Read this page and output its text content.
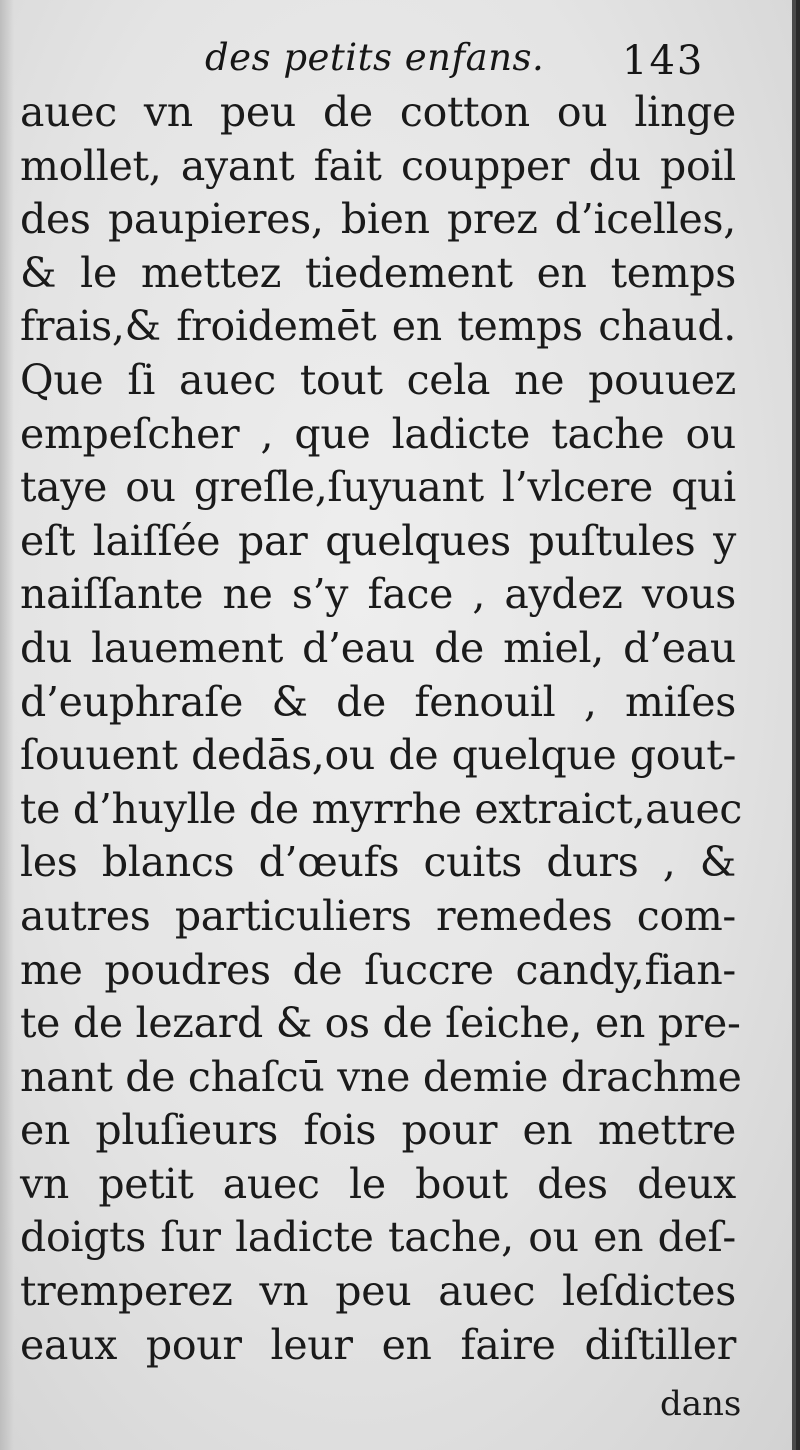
des petits enfans. 143
auec vn peu de cotton ou linge
mollet, ayant fait coupper du poil
des paupieres, bien prez d’icelles,
& le mettez tiedement en temps
frais,& froidemēt en temps chaud.
Que ſi auec tout cela ne pouuez
empeſcher , que ladicte tache ou
taye ou greſle,ſuyuant l’vlcere qui
eſt laiſſée par quelques puſtules y
naiſſante ne s’y face , aydez vous
du lauement d’eau de miel, d’eau
d’euphraſe & de fenouil , miſes
ſouuent dedās,ou de quelque gout-
te d’huylle de myrrhe extraict,auec
les blancs d’œufs cuits durs , &
autres particuliers remedes com-
me poudres de ſuccre candy,fian-
te de lezard & os de ſeiche, en pre-
nant de chaſcū vne demie drachme
en pluſieurs fois pour en mettre
vn petit auec le bout des deux
doigts ſur ladicte tache, ou en deſ-
tremperez vn peu auec leſdictes
eaux pour leur en faire diſtiller
dans
